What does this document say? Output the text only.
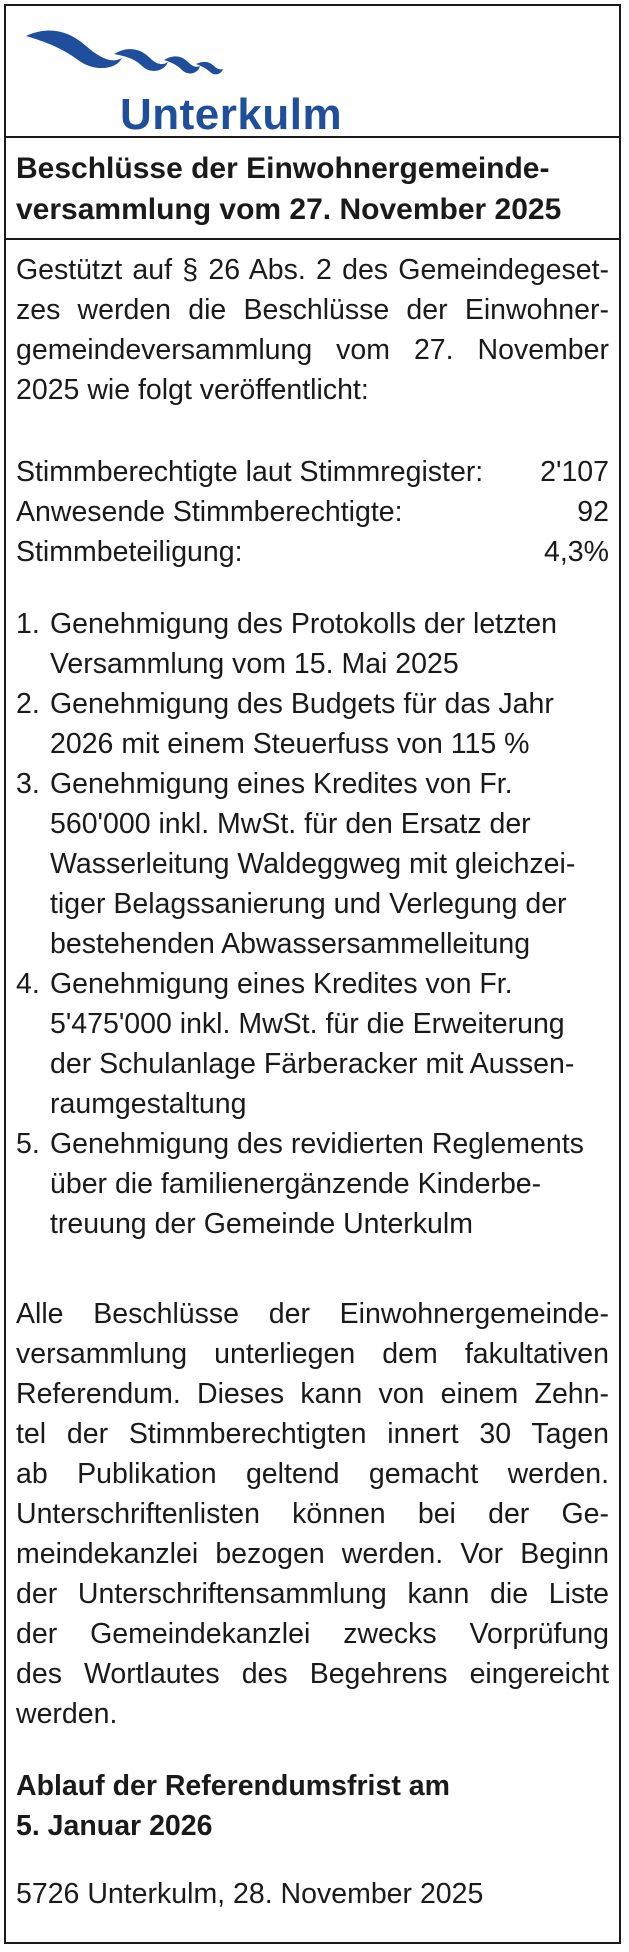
Unterkulm
Beschlüsse der Einwohnergemeinde-
versammlung vom 27. November 2025
Gestützt auf § 26 Abs. 2 des Gemeindegeset-
zes werden die Beschlüsse der Einwohner-
gemeindeversammlung vom 27. November
2025 wie folgt veröffentlicht:
Stimmberechtigte laut Stimmregister: 2'107
Anwesende Stimmberechtigte:	92
Stimmbeteiligung:	4,3%
1. Genehmigung des Protokolls der letzten
Versammlung vom 15. Mai 2025
2. Genehmigung des Budgets für das Jahr
2026 mit einem Steuerfuss von 115 %
3. Genehmigung eines Kredites von Fr.
560'000 inkl. MwSt. für den Ersatz der
Wasserleitung Waldeggweg mit gleichzei-
tiger Belagssanierung und Verlegung der
bestehenden Abwassersammelleitung
4. Genehmigung eines Kredites von Fr.
5'475'000 inkl. MwSt. für die Erweiterung
der Schulanlage Färberacker mit Aussen-
raumgestaltung
5. Genehmigung des revidierten Reglements
über die familienergänzende Kinderbe-
treuung der Gemeinde Unterkulm
Alle Beschlüsse der Einwohnergemeinde-
versammlung unterliegen dem fakultativen
Referendum. Dieses kann von einem Zehn-
tel der Stimmberechtigten innert 30 Tagen
ab Publikation geltend gemacht werden.
Unterschriftenlisten können bei der Ge-
meindekanzlei bezogen werden. Vor Beginn
der Unterschriftensammlung kann die Liste
der Gemeindekanzlei zwecks Vorprüfung
des Wortlautes des Begehrens eingereicht
werden.
Ablauf der Referendumsfrist am
5. Januar 2026
5726 Unterkulm, 28. November 2025
